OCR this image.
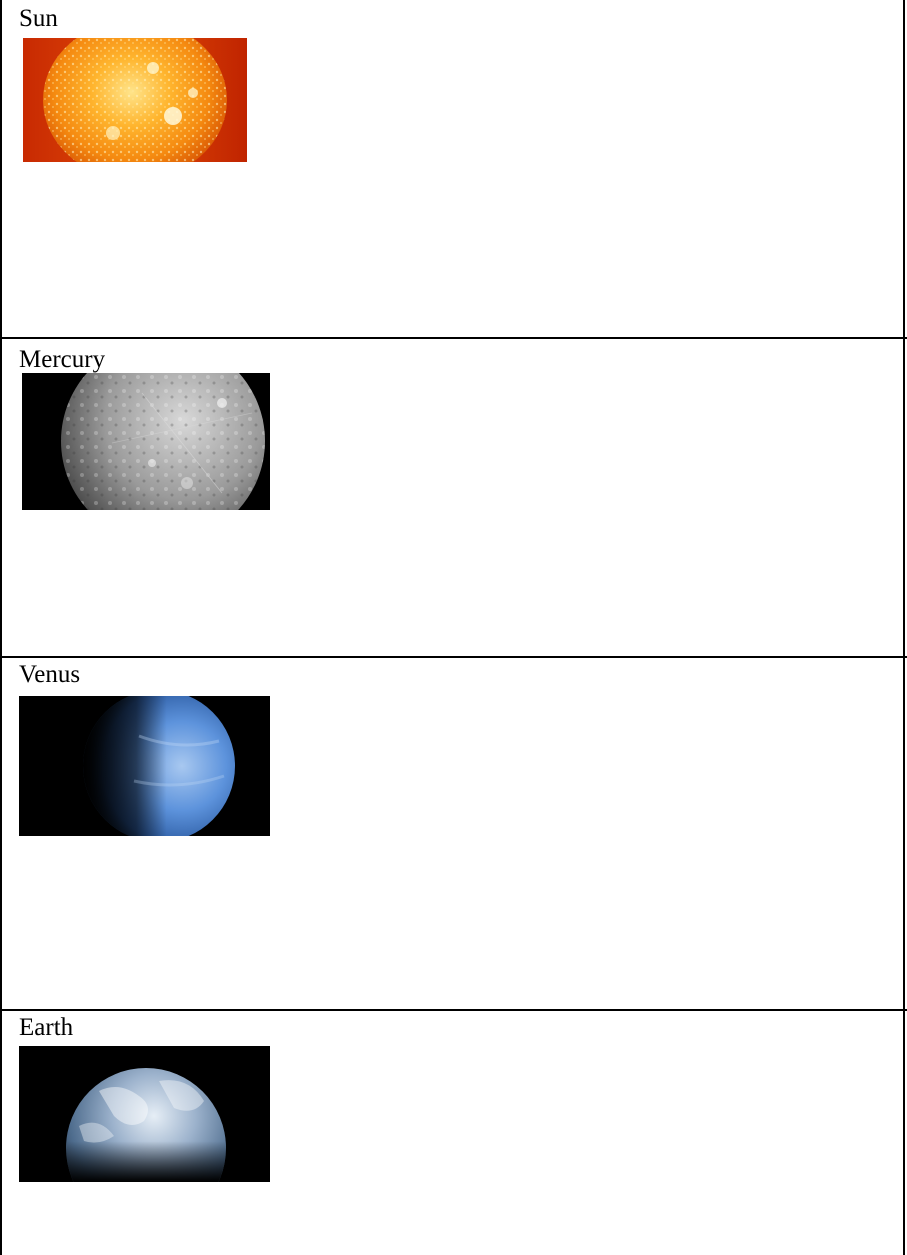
Sun
Mercury
Venus
Earth
